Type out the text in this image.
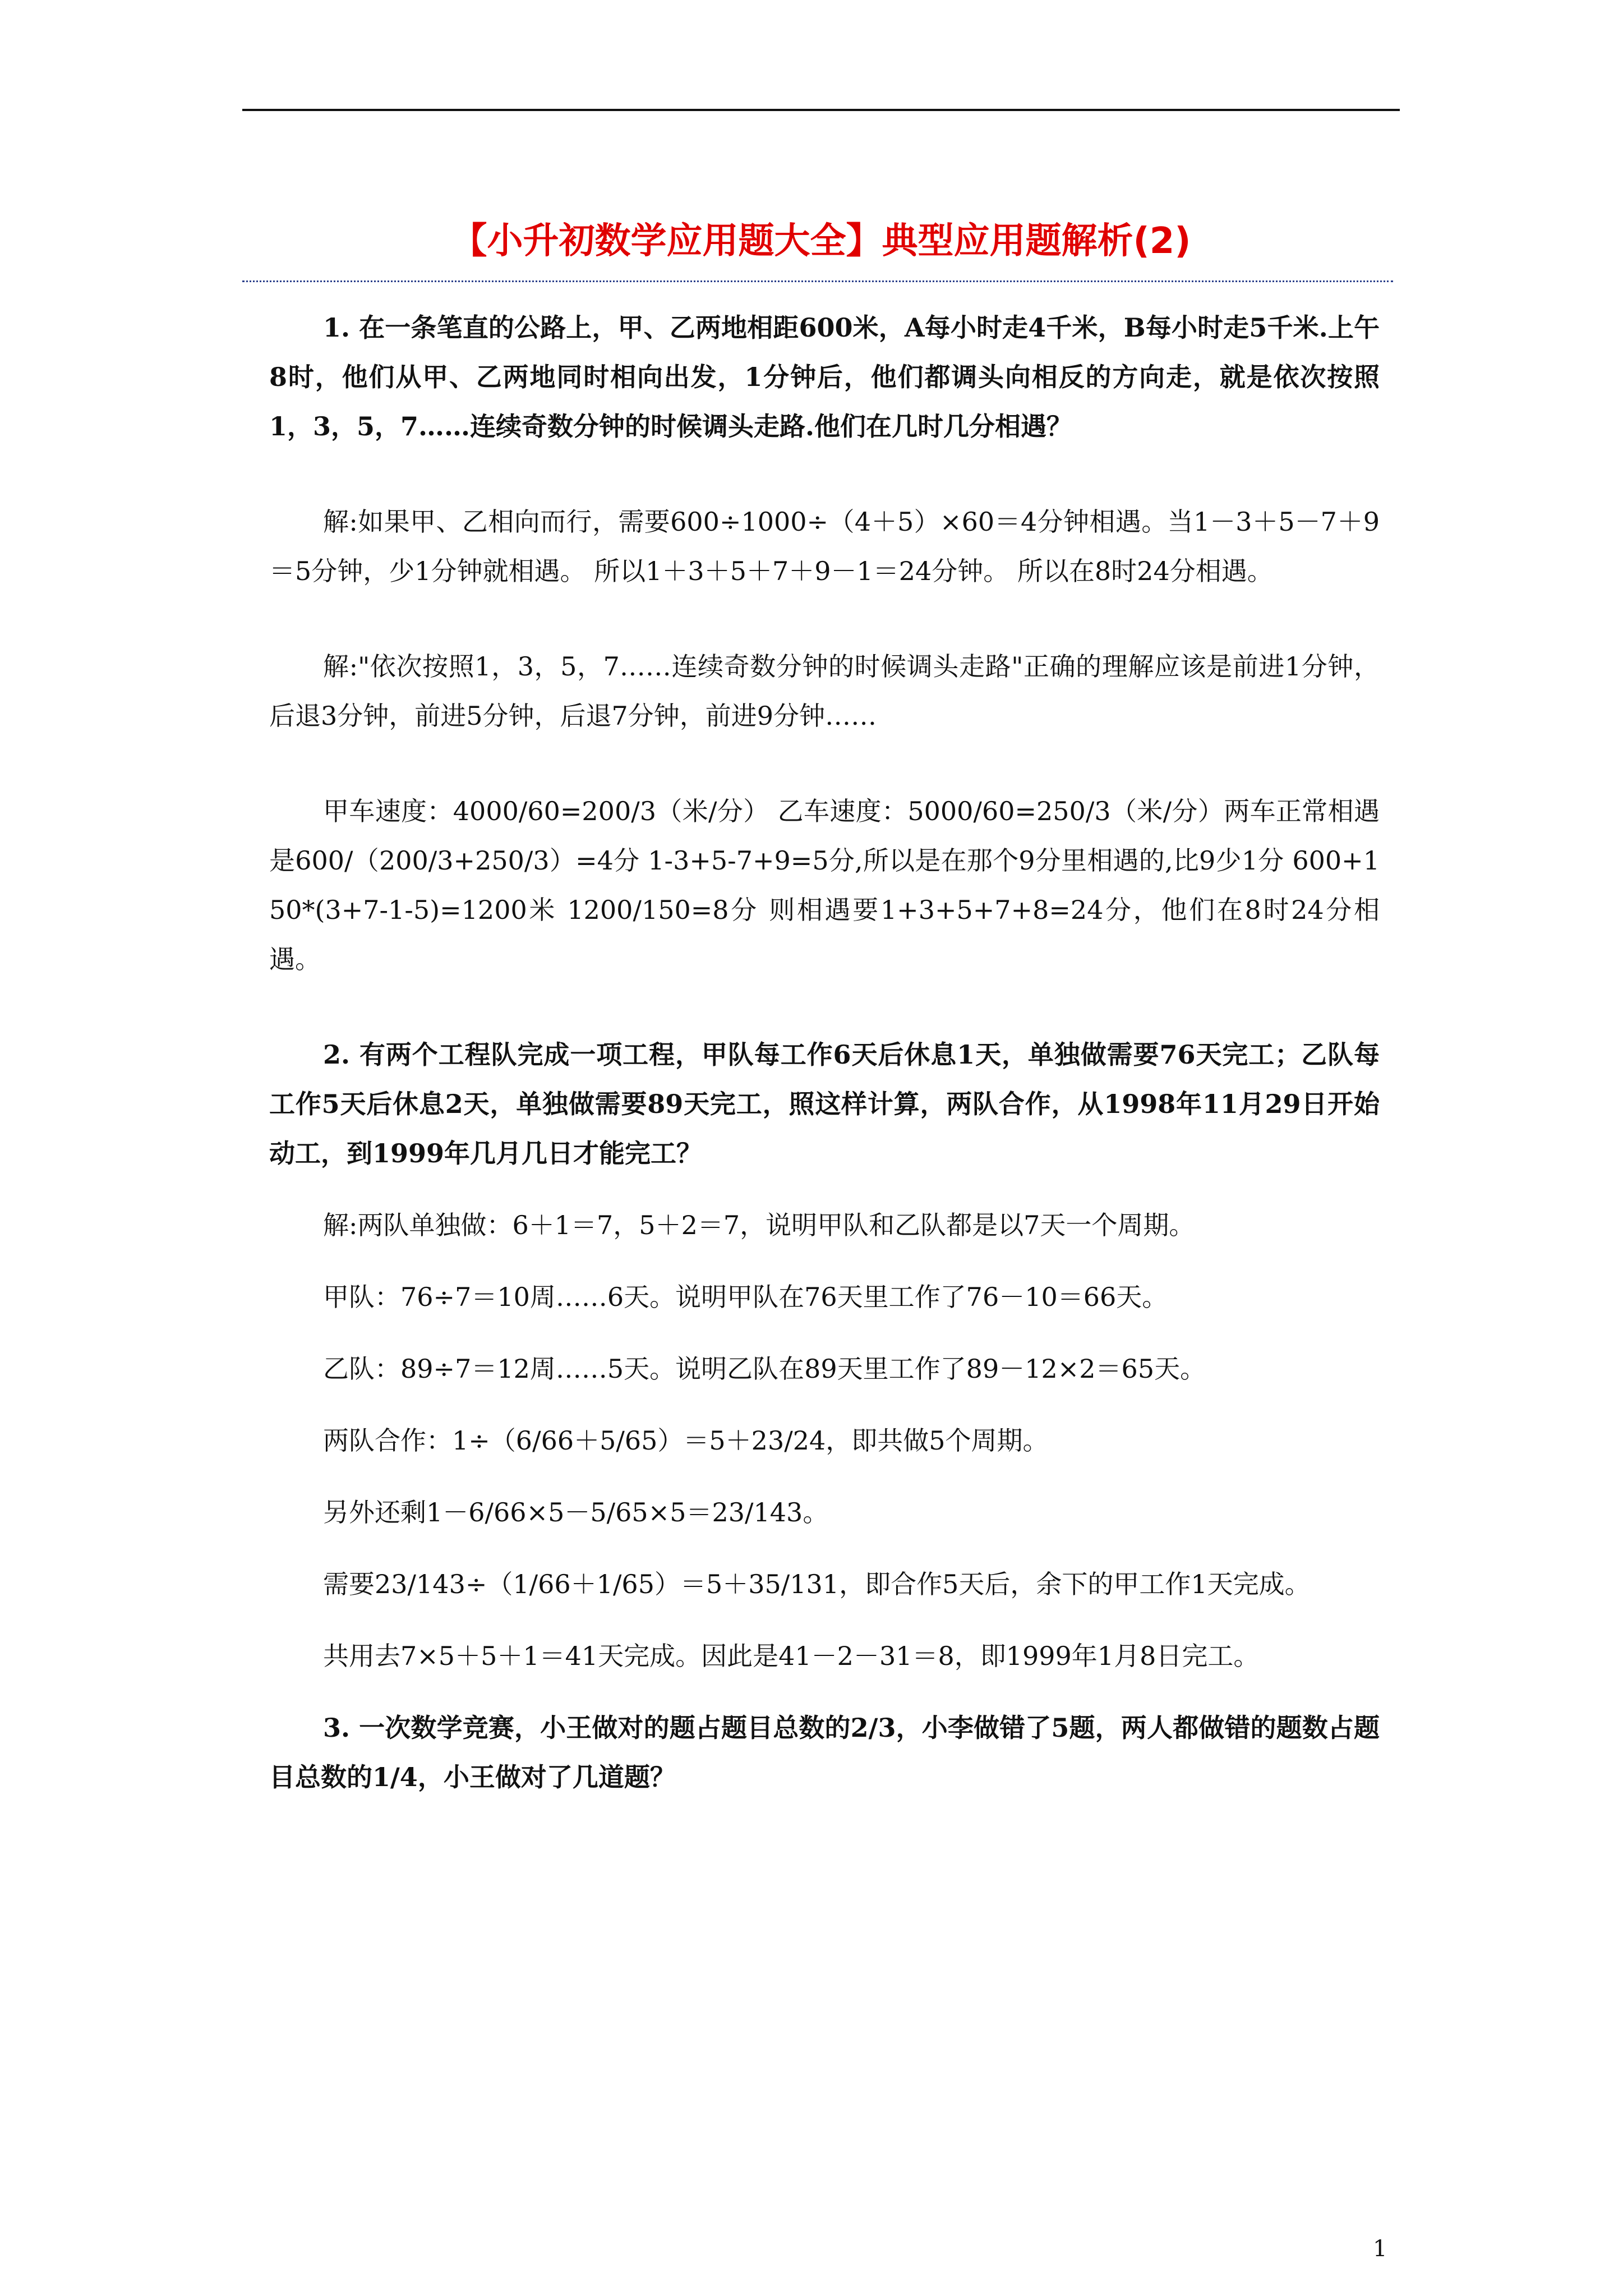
【小升初数学应用题大全】典型应用题解析(2)

1. 在一条笔直的公路上，甲、乙两地相距600米，A每小时走4千米，B每小时走5千米.上午8时，他们从甲、乙两地同时相向出发，1分钟后，他们都调头向相反的方向走，就是依次按照1，3，5，7……连续奇数分钟的时候调头走路.他们在几时几分相遇？

解:如果甲、乙相向而行，需要600÷1000÷（4＋5）×60＝4分钟相遇。当1－3＋5－7＋9＝5分钟，少1分钟就相遇。 所以1＋3＋5＋7＋9－1＝24分钟。 所以在8时24分相遇。

解:"依次按照1，3，5，7……连续奇数分钟的时候调头走路"正确的理解应该是前进1分钟，后退3分钟，前进5分钟，后退7分钟，前进9分钟……

甲车速度：4000/60=200/3（米/分） 乙车速度：5000/60=250/3（米/分）两车正常相遇是600/（200/3+250/3）=4分 1-3+5-7+9=5分,所以是在那个9分里相遇的,比9少1分 600+150*(3+7-1-5)=1200米 1200/150=8分 则相遇要1+3+5+7+8=24分，他们在8时24分相遇。

2. 有两个工程队完成一项工程，甲队每工作6天后休息1天，单独做需要76天完工；乙队每工作5天后休息2天，单独做需要89天完工，照这样计算，两队合作，从1998年11月29日开始动工，到1999年几月几日才能完工？

解:两队单独做：6＋1＝7，5＋2＝7，说明甲队和乙队都是以7天一个周期。

甲队：76÷7＝10周……6天。说明甲队在76天里工作了76－10＝66天。

乙队：89÷7＝12周……5天。说明乙队在89天里工作了89－12×2＝65天。

两队合作：1÷（6/66＋5/65）＝5＋23/24，即共做5个周期。

另外还剩1－6/66×5－5/65×5＝23/143。

需要23/143÷（1/66＋1/65）＝5＋35/131，即合作5天后，余下的甲工作1天完成。

共用去7×5＋5＋1＝41天完成。因此是41－2－31＝8，即1999年1月8日完工。

3. 一次数学竞赛，小王做对的题占题目总数的2/3，小李做错了5题，两人都做错的题数占题目总数的1/4，小王做对了几道题？

1
